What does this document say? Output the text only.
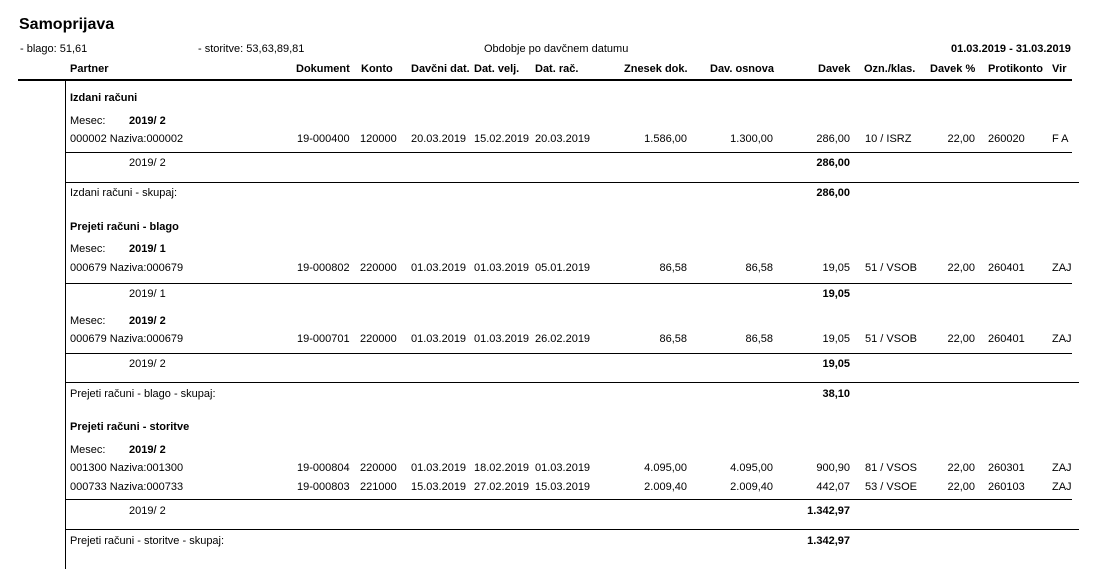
Samoprijava
- blago: 51,61	- storitve: 53,63,89,81	Obdobje po davčnem datumu	01.03.2019 - 31.03.2019
Partner	Dokument Konto Davčni dat. Dat. velj. Dat. rač.	Znesek dok. Dav. osnova	Davek Ozn./klas. Davek % Protikonto Vir
Izdani računi
Mesec: 2019/ 2
000002 Naziva:000002	19-000400 120000 20.03.2019 15.02.2019 20.03.2019	1.586,00	1.300,00	286,00 10 / ISRZ	22,00 260020 F A
2019/ 2	286,00
Izdani računi - skupaj:	286,00
Prejeti računi - blago
Mesec: 2019/ 1
000679 Naziva:000679	19-000802 220000 01.03.2019 01.03.2019 05.01.2019	86,58	86,58	19,05 51 / VSOB	22,00 260401 ZAJ
2019/ 1	19,05
Mesec: 2019/ 2
000679 Naziva:000679	19-000701 220000 01.03.2019 01.03.2019 26.02.2019	86,58	86,58	19,05 51 / VSOB	22,00 260401 ZAJ
2019/ 2	19,05
Prejeti računi - blago - skupaj:	38,10
Prejeti računi - storitve
Mesec: 2019/ 2
001300 Naziva:001300	19-000804 220000 01.03.2019 18.02.2019 01.03.2019	4.095,00	4.095,00	900,90 81 / VSOS	22,00 260301 ZAJ
000733 Naziva:000733	19-000803 221000 15.03.2019 27.02.2019 15.03.2019	2.009,40	2.009,40	442,07 53 / VSOE	22,00 260103 ZAJ
2019/ 2	1.342,97
Prejeti računi - storitve - skupaj:	1.342,97
